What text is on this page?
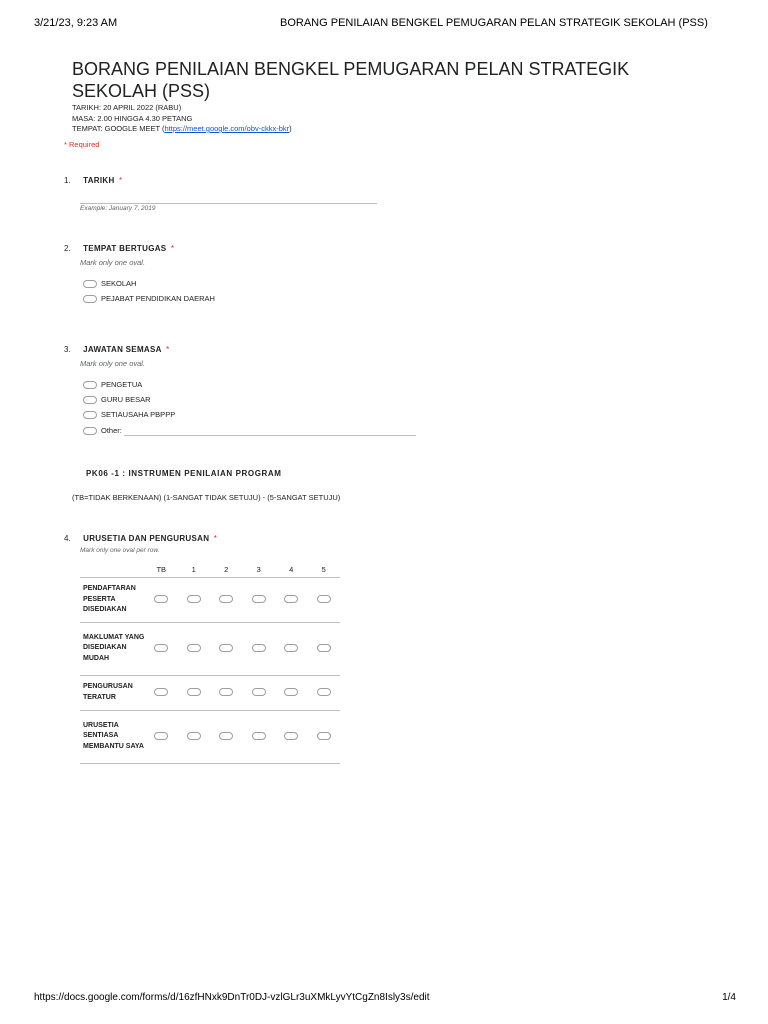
3/21/23, 9:23 AM	BORANG PENILAIAN BENGKEL PEMUGARAN PELAN STRATEGIK SEKOLAH (PSS)
BORANG PENILAIAN BENGKEL PEMUGARAN PELAN STRATEGIK SEKOLAH (PSS)
TARIKH: 20 APRIL 2022 (RABU)
MASA: 2.00 HINGGA 4.30 PETANG
TEMPAT: GOOGLE MEET (https://meet.google.com/obv-ckkx-bkr)
* Required
1. TARIKH *
Example: January 7, 2019
2. TEMPAT BERTUGAS *
Mark only one oval.
SEKOLAH
PEJABAT PENDIDIKAN DAERAH
3. JAWATAN SEMASA *
Mark only one oval.
PENGETUA
GURU BESAR
SETIAUSAHA PBPPP
Other:
PK06 -1 : INSTRUMEN PENILAIAN PROGRAM
(TB=TIDAK BERKENAAN) (1-SANGAT TIDAK SETUJU) - (5-SANGAT SETUJU)
4. URUSETIA DAN PENGURUSAN *
Mark only one oval per row.
	TB	1	2	3	4	5
PENDAFTARAN PESERTA DISEDIAKAN						
MAKLUMAT YANG DISEDIAKAN MUDAH						
PENGURUSAN TERATUR						
URUSETIA SENTIASA MEMBANTU SAYA						
https://docs.google.com/forms/d/16zfHNxk9DnTr0DJ-vzlGLr3uXMkLyvYtCgZn8Isly3s/edit	1/4
